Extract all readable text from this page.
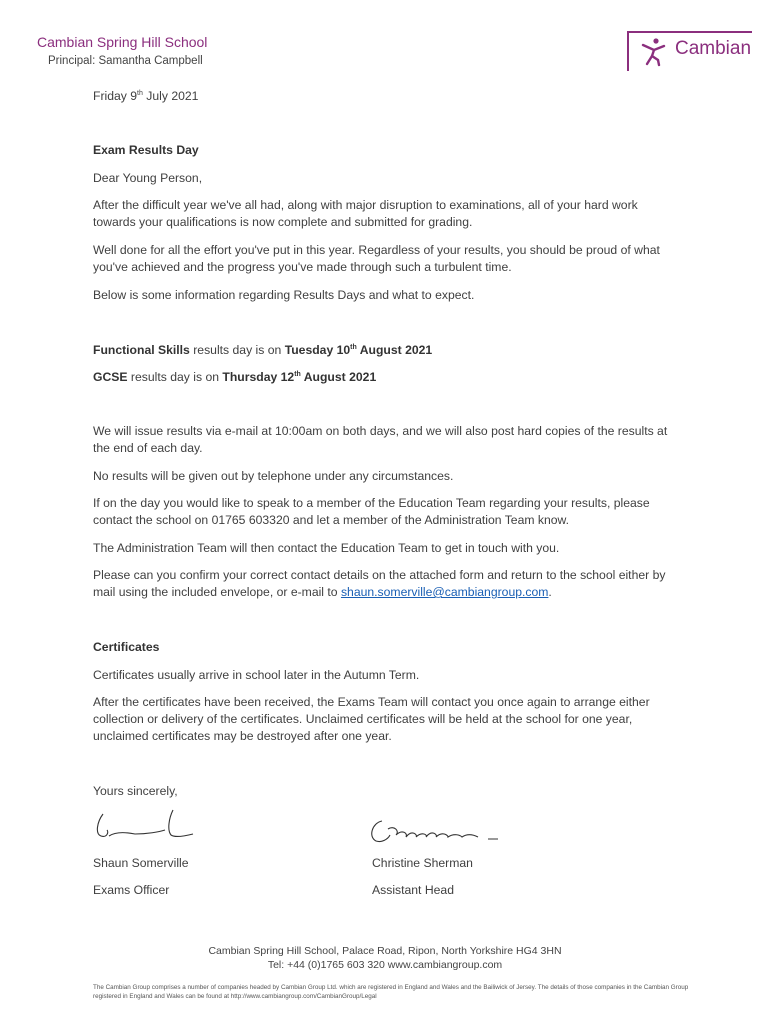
Cambian Spring Hill School
Principal: Samantha Campbell
Cambian
Friday 9th July 2021
Exam Results Day
Dear Young Person,
After the difficult year we've all had, along with major disruption to examinations, all of your hard work towards your qualifications is now complete and submitted for grading.
Well done for all the effort you've put in this year. Regardless of your results, you should be proud of what you've achieved and the progress you've made through such a turbulent time.
Below is some information regarding Results Days and what to expect.
Functional Skills results day is on Tuesday 10th August 2021
GCSE results day is on Thursday 12th August 2021
We will issue results via e-mail at 10:00am on both days, and we will also post hard copies of the results at the end of each day.
No results will be given out by telephone under any circumstances.
If on the day you would like to speak to a member of the Education Team regarding your results, please contact the school on 01765 603320 and let a member of the Administration Team know.
The Administration Team will then contact the Education Team to get in touch with you.
Please can you confirm your correct contact details on the attached form and return to the school either by mail using the included envelope, or e-mail to shaun.somerville@cambiangroup.com.
Certificates
Certificates usually arrive in school later in the Autumn Term.
After the certificates have been received, the Exams Team will contact you once again to arrange either collection or delivery of the certificates. Unclaimed certificates will be held at the school for one year, unclaimed certificates may be destroyed after one year.
Yours sincerely,
Shaun Somerville
Exams Officer
Christine Sherman
Assistant Head
Cambian Spring Hill School, Palace Road, Ripon, North Yorkshire HG4 3HN
Tel: +44 (0)1765 603 320 www.cambiangroup.com
The Cambian Group comprises a number of companies headed by Cambian Group Ltd. which are registered in England and Wales and the Bailiwick of Jersey. The details of those companies in the Cambian Group registered in England and Wales can be found at http://www.cambiangroup.com/CambianGroup/Legal
